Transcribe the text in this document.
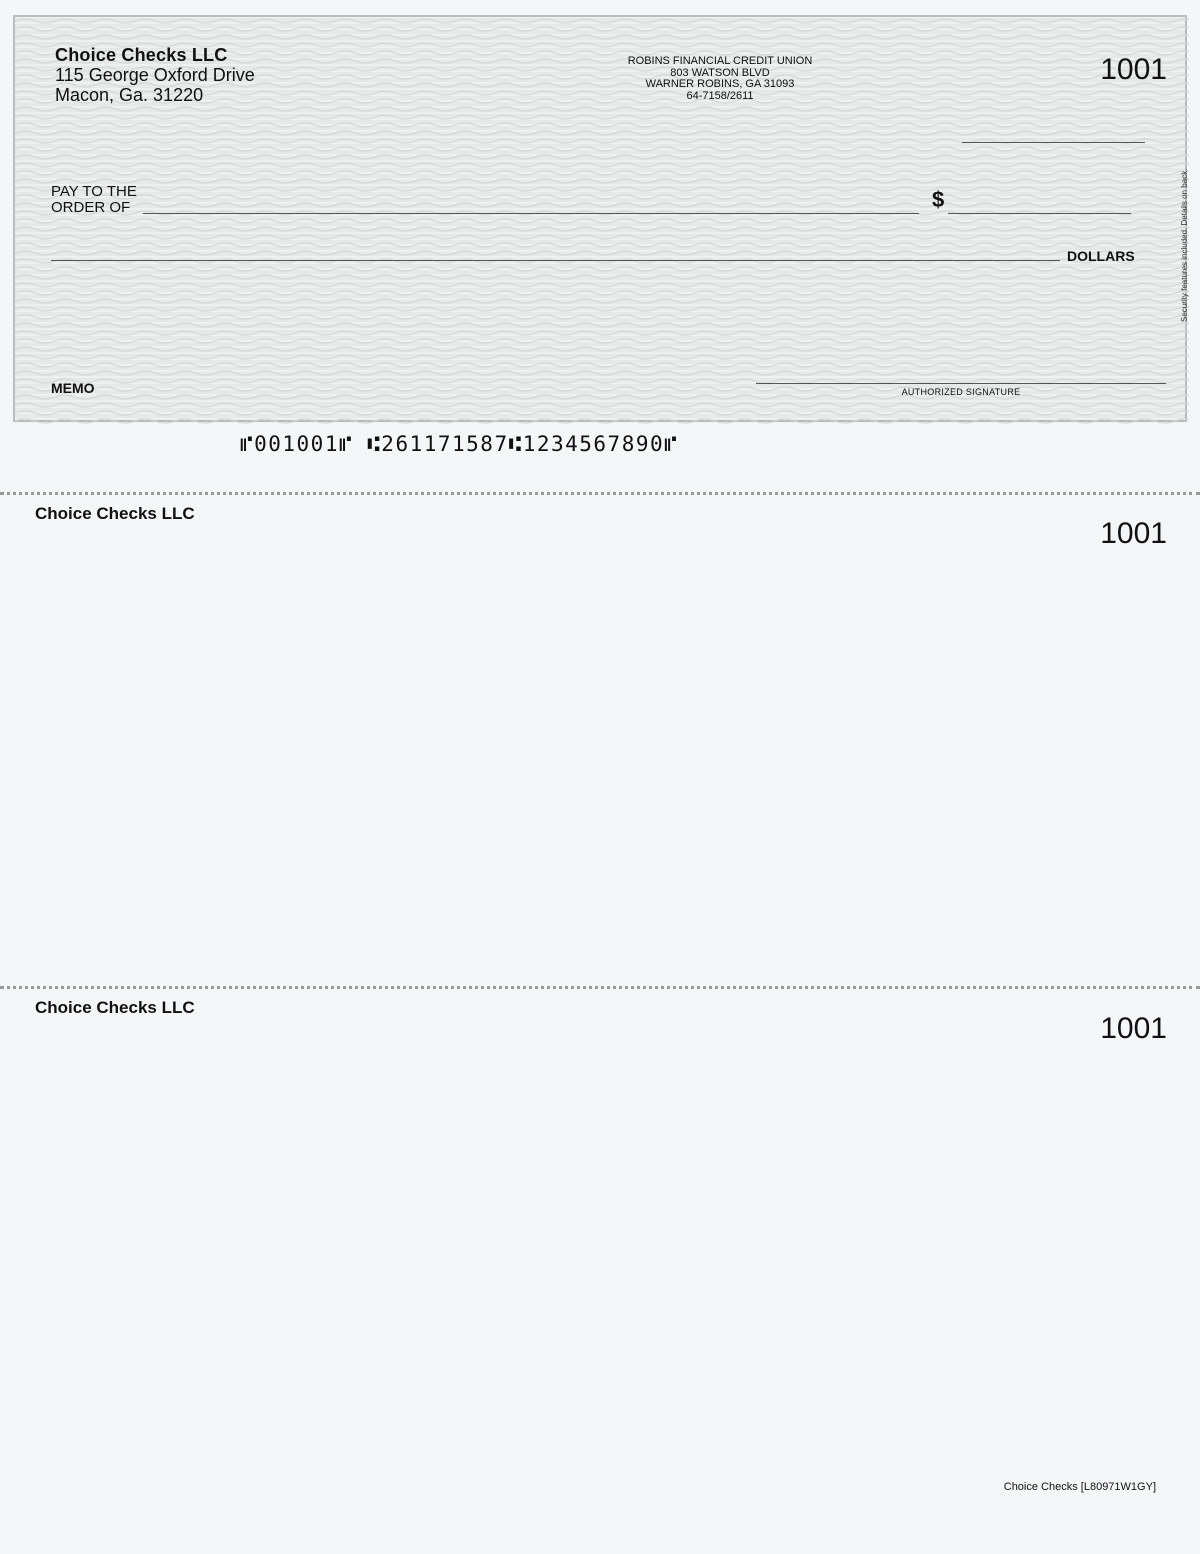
Choice Checks LLC
115 George Oxford Drive
Macon, Ga. 31220
ROBINS FINANCIAL CREDIT UNION
803 WATSON BLVD
WARNER ROBINS, GA 31093
64-7158/2611
1001
PAY TO THE
ORDER OF	$
DOLLARS	Security features included. Details on back.
MEMO	AUTHORIZED SIGNATURE
⑈001001⑈ ⑆261171587⑆1234567890⑈
Choice Checks LLC
1001
Choice Checks LLC
1001
Choice Checks [L80971W1GY]
